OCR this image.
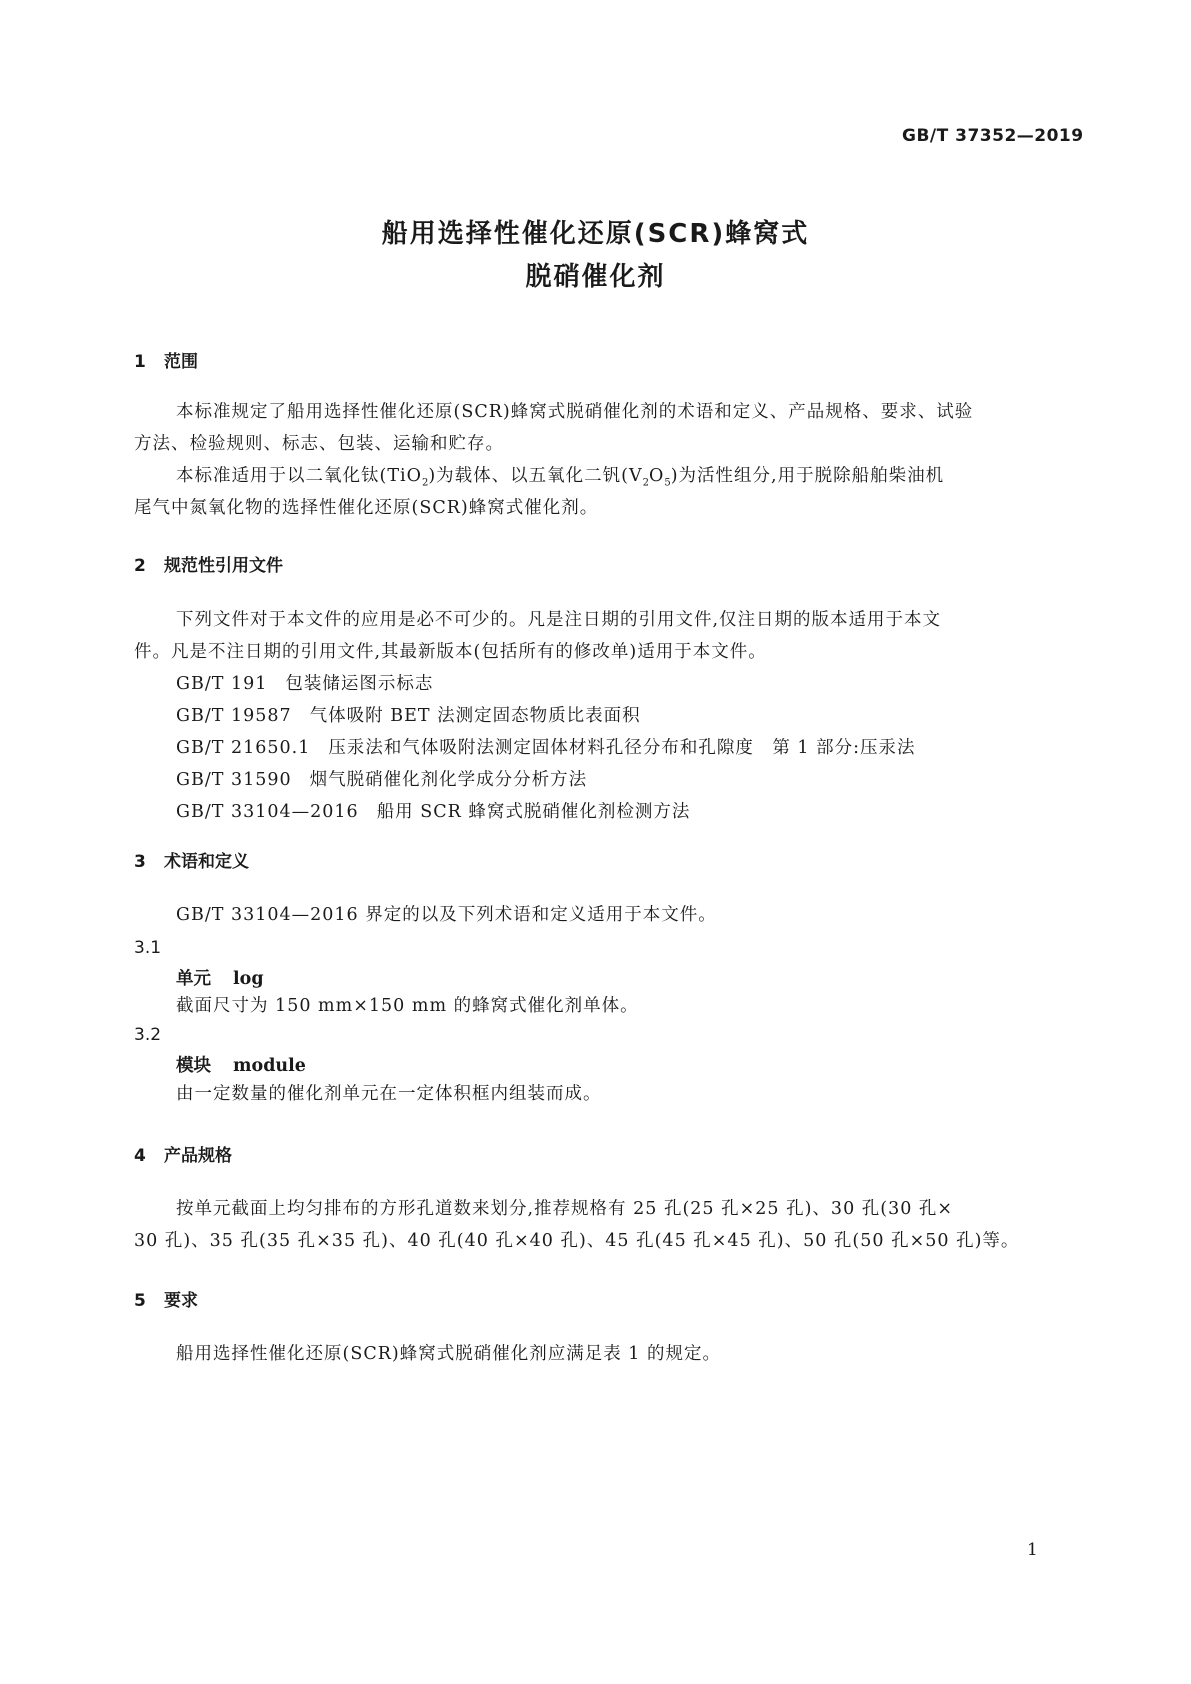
GB/T 37352—2019
船用选择性催化还原(SCR)蜂窝式
脱硝催化剂
1 范围
本标准规定了船用选择性催化还原(SCR)蜂窝式脱硝催化剂的术语和定义、产品规格、要求、试验
方法、检验规则、标志、包装、运输和贮存。
本标准适用于以二氧化钛(TiO$_2$)为载体、以五氧化二钒$(V_2O_5)$为活性组分,用于脱除船舶柴油机
尾气中氮氧化物的选择性催化还原(SCR)蜂窝式催化剂。
2 规范性引用文件
下列文件对于本文件的应用是必不可少的。凡是注日期的引用文件,仅注日期的版本适用于本文
件。凡是不注日期的引用文件,其最新版本(包括所有的修改单)适用于本文件。
GB/T 191 包装储运图示标志
GB/T 19587 气体吸附 BET 法测定固态物质比表面积
GB/T 21650.1 压汞法和气体吸附法测定固体材料孔径分布和孔隙度　第 1 部分:压汞法
GB/T 31590 烟气脱硝催化剂化学成分分析方法
GB/T 33104—2016 船用 SCR 蜂窝式脱硝催化剂检测方法
3 术语和定义
GB/T 33104—2016 界定的以及下列术语和定义适用于本文件。
3.1
单元 log
截面尺寸为 150 mm×150 mm 的蜂窝式催化剂单体。
3.2
模块 module
由一定数量的催化剂单元在一定体积框内组装而成。
4 产品规格
按单元截面上均匀排布的方形孔道数来划分,推荐规格有 25 孔(25 孔×25 孔)、30 孔(30 孔×
30 孔)、35 孔(35 孔×35 孔)、40 孔(40 孔×40 孔)、45 孔(45 孔×45 孔)、50 孔(50 孔×50 孔)等。
5 要求
船用选择性催化还原(SCR)蜂窝式脱硝催化剂应满足表 1 的规定。
1
